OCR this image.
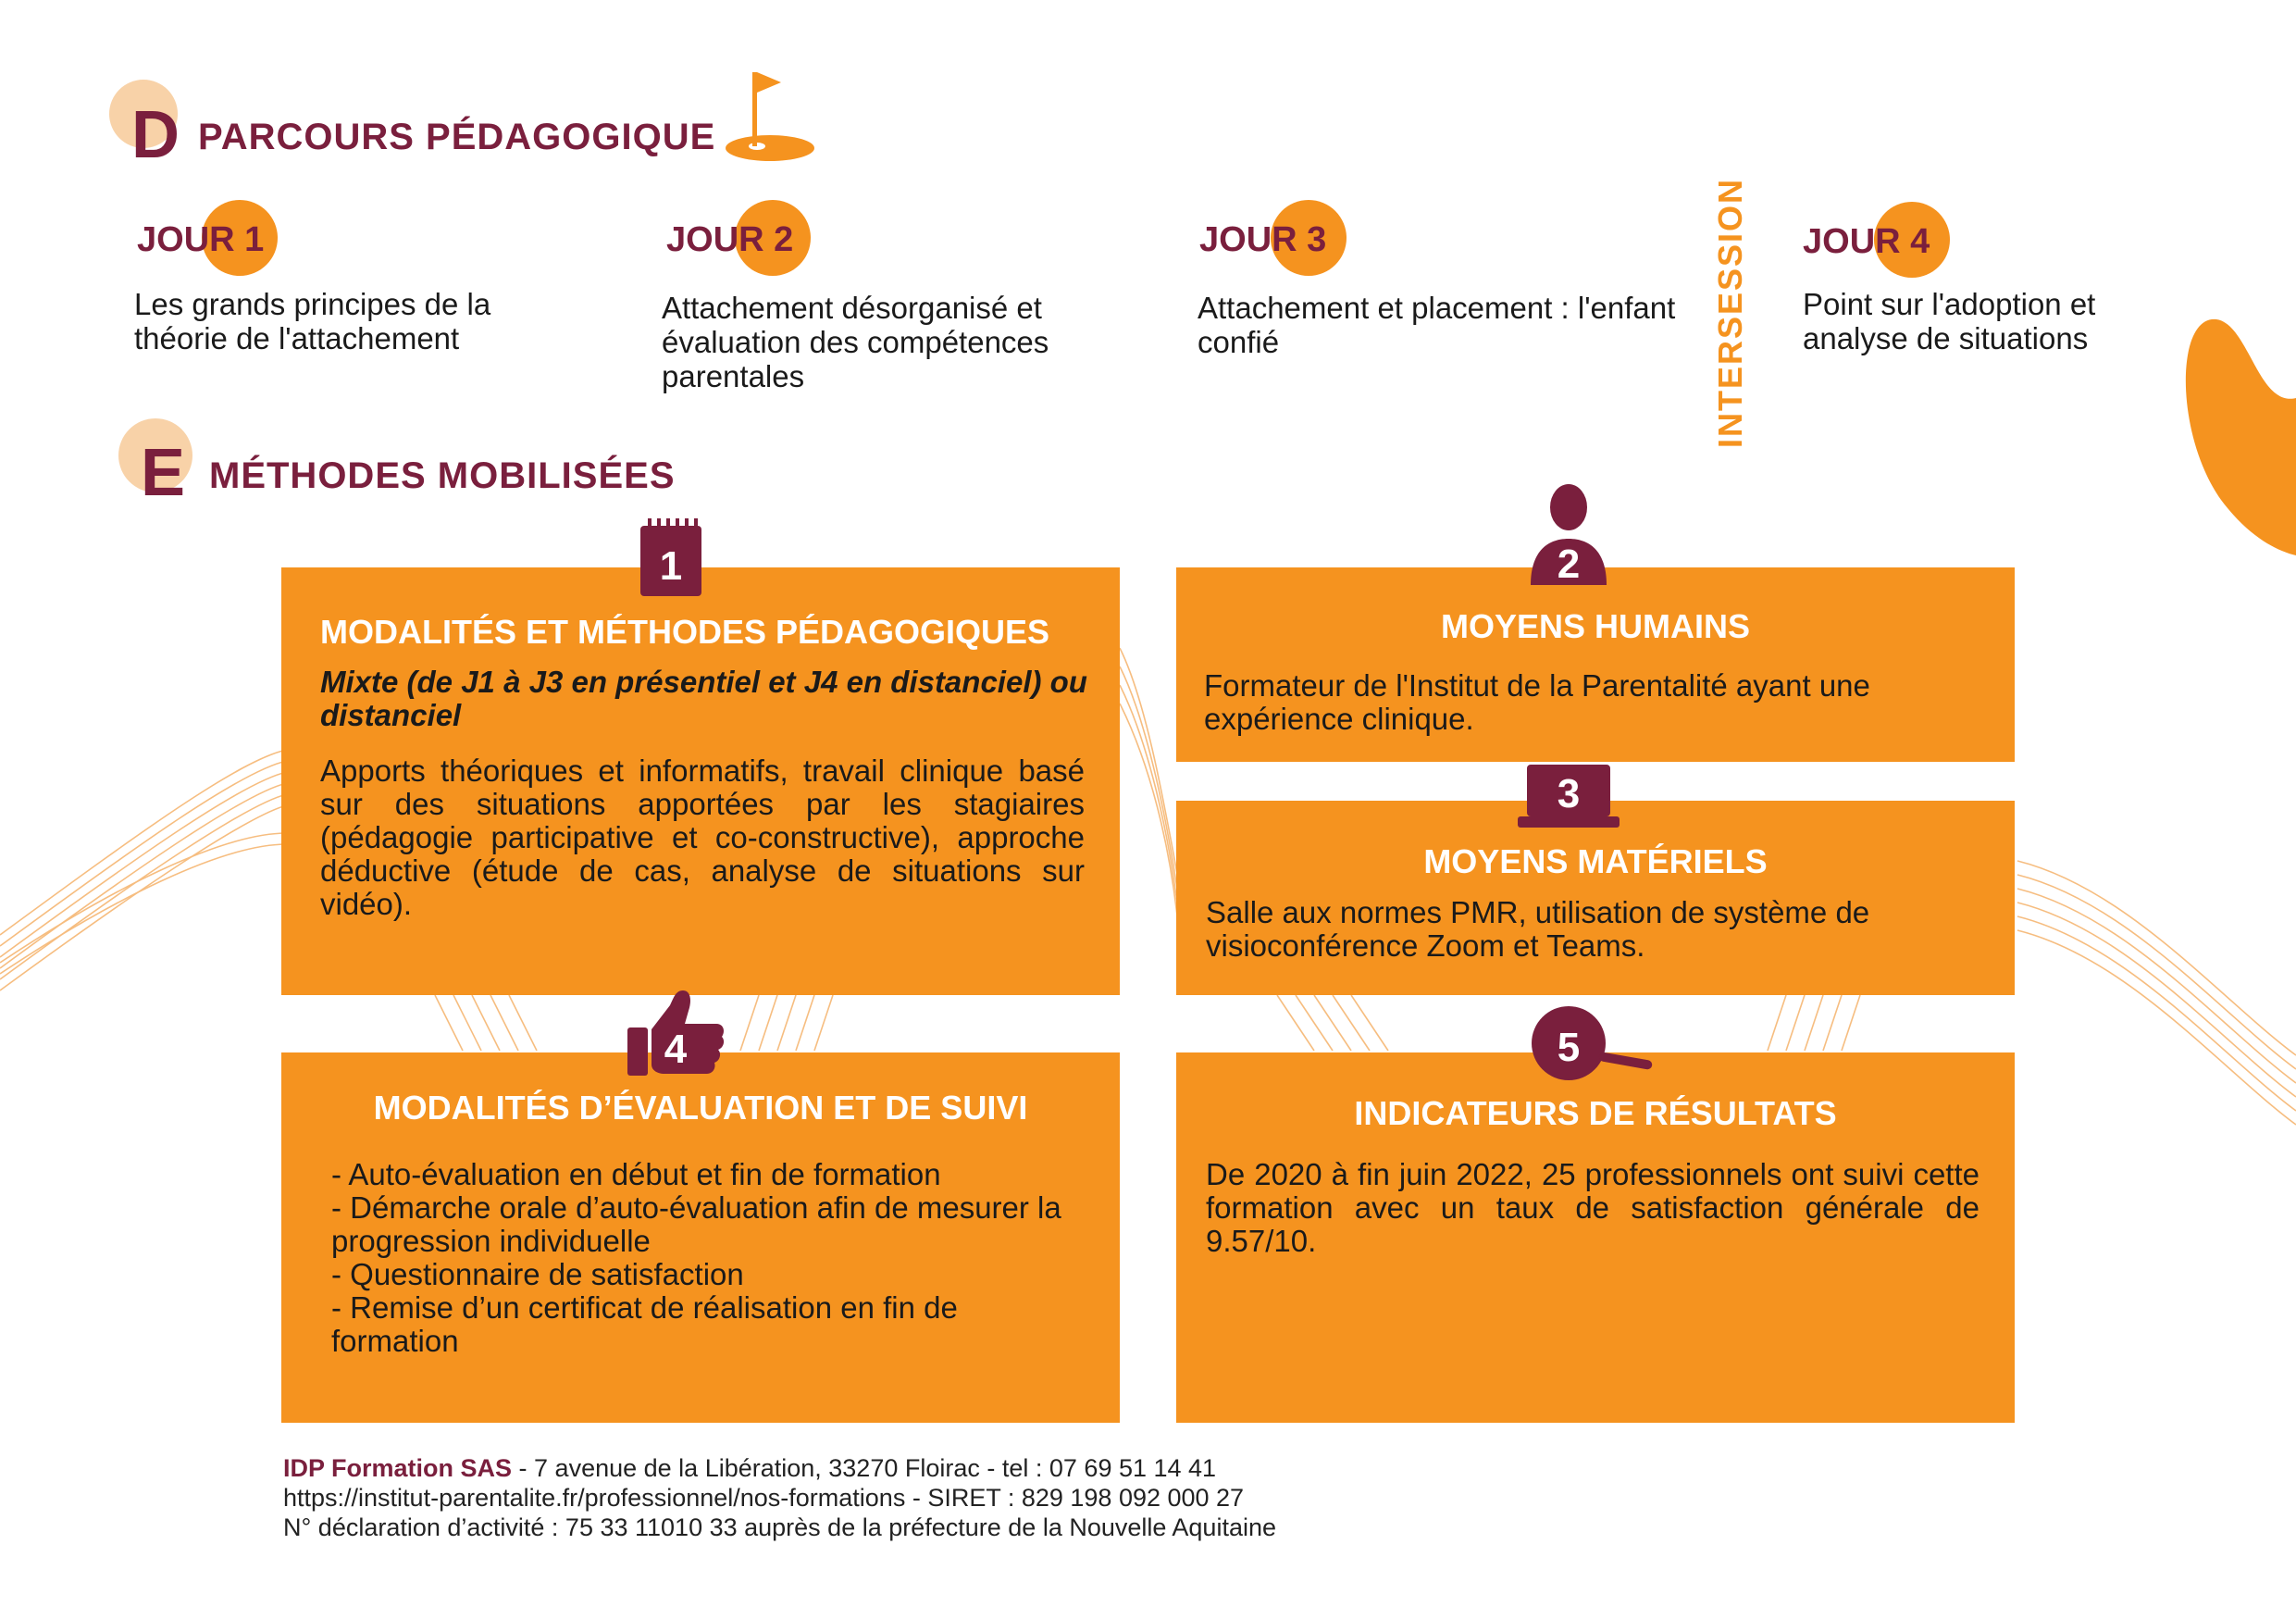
D PARCOURS PÉDAGOGIQUE
JOUR 1
Les grands principes de la théorie de l'attachement
JOUR 2
Attachement désorganisé et évaluation des compétences parentales
JOUR 3
Attachement et placement : l'enfant confié	INTERSESSION JOUR 4
Point sur l'adoption et analyse de situations
E MÉTHODES MOBILISÉES
MODALITÉS ET MÉTHODES PÉDAGOGIQUES
Mixte (de J1 à J3 en présentiel et J4 en distanciel) ou distanciel
Apports théoriques et informatifs, travail clinique basé sur des situations apportées par les stagiaires (pédagogie participative et co-constructive), approche déductive (étude de cas, analyse de situations sur vidéo).
1
MOYENS HUMAINS
Formateur de l'Institut de la Parentalité ayant une expérience clinique.
2
MOYENS MATÉRIELS
Salle aux normes PMR, utilisation de système de visioconférence Zoom et Teams.
3
MODALITÉS D’ÉVALUATION ET DE SUIVI
- Auto-évaluation en début et fin de formation
- Démarche orale d’auto-évaluation afin de mesurer la progression individuelle
- Questionnaire de satisfaction
- Remise d’un certificat de réalisation en fin de formation
4
INDICATEURS DE RÉSULTATS
De 2020 à fin juin 2022, 25 professionnels ont suivi cette formation avec un taux de satisfaction générale de 9.57/10.
5
IDP Formation SAS - 7 avenue de la Libération, 33270 Floirac - tel : 07 69 51 14 41
https://institut-parentalite.fr/professionnel/nos-formations - SIRET : 829 198 092 000 27
N° déclaration d’activité : 75 33 11010 33 auprès de la préfecture de la Nouvelle Aquitaine
